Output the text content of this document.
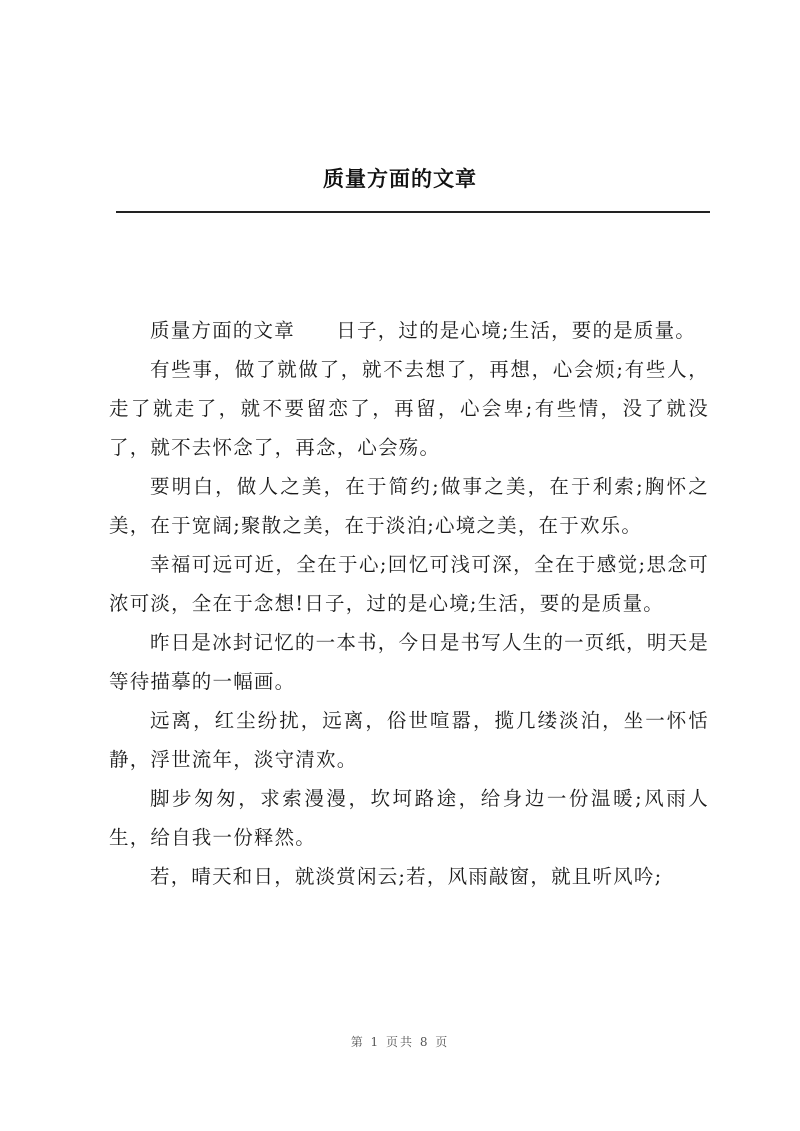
质量方面的文章

质量方面的文章　　日子，过的是心境;生活，要的是质量。

有些事，做了就做了，就不去想了，再想，心会烦;有些人，走了就走了，就不要留恋了，再留，心会卑;有些情，没了就没了，就不去怀念了，再念，心会殇。

要明白，做人之美，在于简约;做事之美，在于利索;胸怀之美，在于宽阔;聚散之美，在于淡泊;心境之美，在于欢乐。

幸福可远可近，全在于心;回忆可浅可深，全在于感觉;思念可浓可淡，全在于念想!日子，过的是心境;生活，要的是质量。

昨日是冰封记忆的一本书，今日是书写人生的一页纸，明天是等待描摹的一幅画。

远离，红尘纷扰，远离，俗世喧嚣，揽几缕淡泊，坐一怀恬静，浮世流年，淡守清欢。

脚步匆匆，求索漫漫，坎坷路途，给身边一份温暖;风雨人生，给自我一份释然。

若，晴天和日，就淡赏闲云;若，风雨敲窗，就且听风吟;

第 1 页共 8 页
